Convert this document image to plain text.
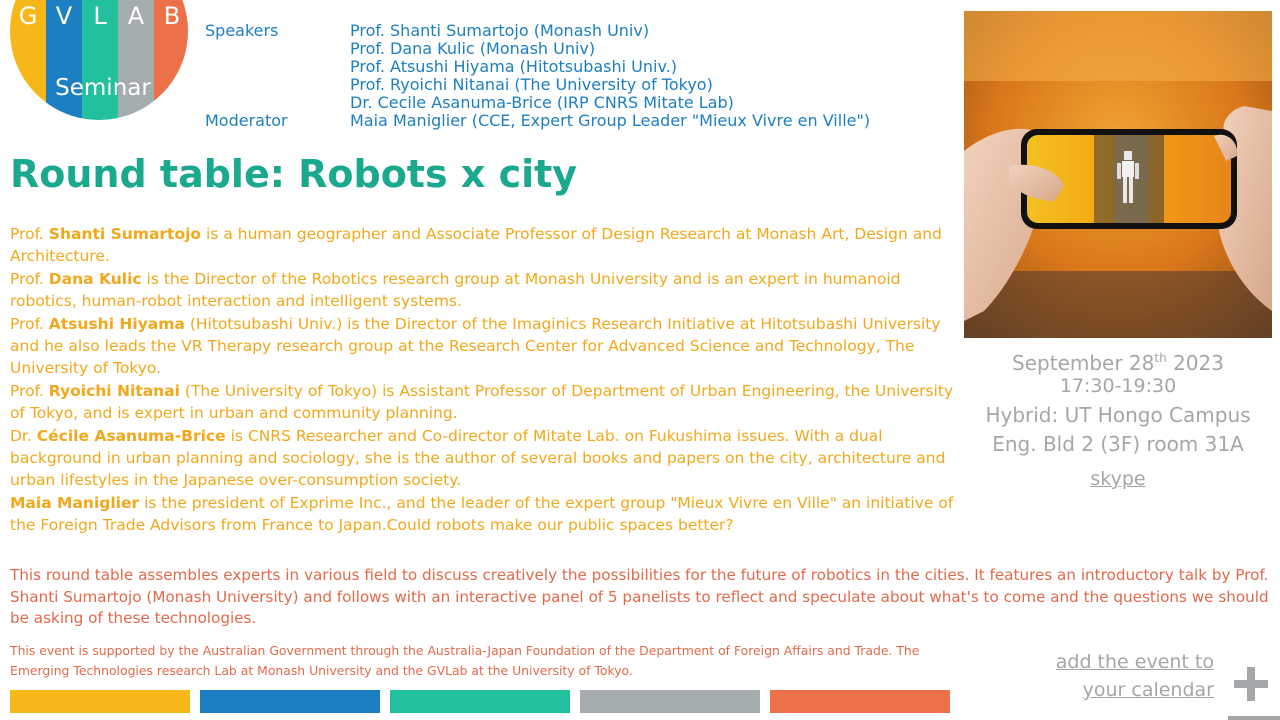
G V L A B
Seminar
Speakers	Prof. Shanti Sumartojo (Monash Univ)
Prof. Dana Kulic (Monash Univ)
Prof. Atsushi Hiyama (Hitotsubashi Univ.)
Prof. Ryoichi Nitanai (The University of Tokyo)
Dr. Cecile Asanuma-Brice (IRP CNRS Mitate Lab)
Moderator	Maia Maniglier (CCE, Expert Group Leader "Mieux Vivre en Ville")
Round table: Robots x city
Prof. Shanti Sumartojo is a human geographer and Associate Professor of Design Research at Monash Art, Design and Architecture.
Prof. Dana Kulic is the Director of the Robotics research group at Monash University and is an expert in humanoid robotics, human-robot interaction and intelligent systems.
Prof. Atsushi Hiyama (Hitotsubashi Univ.) is the Director of the Imaginics Research Initiative at Hitotsubashi University and he also leads the VR Therapy research group at the Research Center for Advanced Science and Technology, The University of Tokyo.
Prof. Ryoichi Nitanai (The University of Tokyo) is Assistant Professor of Department of Urban Engineering, the University of Tokyo, and is expert in urban and community planning.
Dr. Cécile Asanuma-Brice is CNRS Researcher and Co-director of Mitate Lab. on Fukushima issues. With a dual background in urban planning and sociology, she is the author of several books and papers on the city, architecture and urban lifestyles in the Japanese over-consumption society.
Maia Maniglier is the president of Exprime Inc., and the leader of the expert group "Mieux Vivre en Ville" an initiative of the Foreign Trade Advisors from France to Japan.Could robots make our public spaces better?
This round table assembles experts in various field to discuss creatively the possibilities for the future of robotics in the cities. It features an introductory talk by Prof. Shanti Sumartojo (Monash University) and follows with an interactive panel of 5 panelists to reflect and speculate about what's to come and the questions we should be asking of these technologies.
This event is supported by the Australian Government through the Australia-Japan Foundation of the Department of Foreign Affairs and Trade. The Emerging Technologies research Lab at Monash University and the GVLab at the University of Tokyo.
September 28th 2023
17:30-19:30
Hybrid: UT Hongo Campus
Eng. Bld 2 (3F) room 31A
skype
add the event to
your calendar
